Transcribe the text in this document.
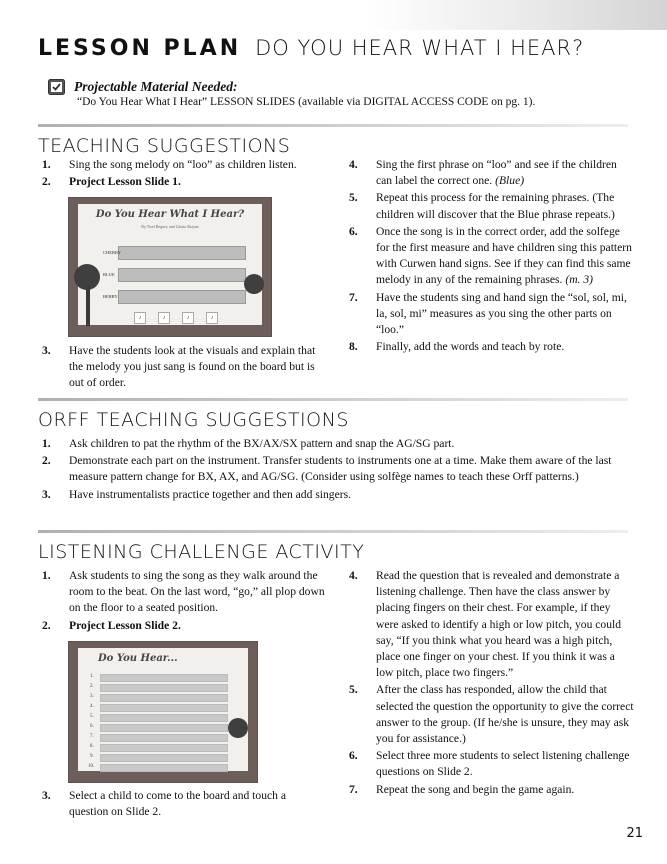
LESSON PLAN DO YOU HEAR WHAT I HEAR?
Projectable Material Needed:
“Do You Hear What I Hear” LESSON SLIDES (available via DIGITAL ACCESS CODE on pg. 1).
TEACHING SUGGESTIONS
1. Sing the song melody on “loo” as children listen.
2. Project Lesson Slide 1.
Do You Hear What I Hear?
By Noel Regney and Gloria Shayne
CHERRY
BLUE
BERRY
♪	♪	♪	♪
3. Have the students look at the visuals and explain that the melody you just sang is found on the board but is out of order.
4. Sing the first phrase on “loo” and see if the children can label the correct one. (Blue)
5. Repeat this process for the remaining phrases. (The children will discover that the Blue phrase repeats.)
6. Once the song is in the correct order, add the solfege for the first measure and have children sing this pattern with Curwen hand signs. See if they can find this same melody in any of the remaining phrases. (m. 3)
7. Have the students sing and hand sign the “sol, sol, mi, la, sol, mi” measures as you sing the other parts on “loo.”
8. Finally, add the words and teach by rote.
ORFF TEACHING SUGGESTIONS
1. Ask children to pat the rhythm of the BX/AX/SX pattern and snap the AG/SG part.
2. Demonstrate each part on the instrument. Transfer students to instruments one at a time. Make them aware of the last measure pattern change for BX, AX, and AG/SG. (Consider using solfège names to teach these Orff patterns.)
3. Have instrumentalists practice together and then add singers.
LISTENING CHALLENGE ACTIVITY
1. Ask students to sing the song as they walk around the room to the beat. On the last word, “go,” all plop down on the floor to a seated position.
2. Project Lesson Slide 2.
Do You Hear...
1.
2.
3.
4.
5.
6.
7.
8.
9.
10.
3. Select a child to come to the board and touch a question on Slide 2.
4. Read the question that is revealed and demonstrate a listening challenge. Then have the class answer by placing fingers on their chest. For example, if they were asked to identify a high or low pitch, you could say, “If you think what you heard was a high pitch, place one finger on your chest. If you think it was a low pitch, place two fingers.”
5. After the class has responded, allow the child that selected the question the opportunity to give the correct answer to the group. (If he/she is unsure, they may ask you for assistance.)
6. Select three more students to select listening challenge questions on Slide 2.
7. Repeat the song and begin the game again.
21
